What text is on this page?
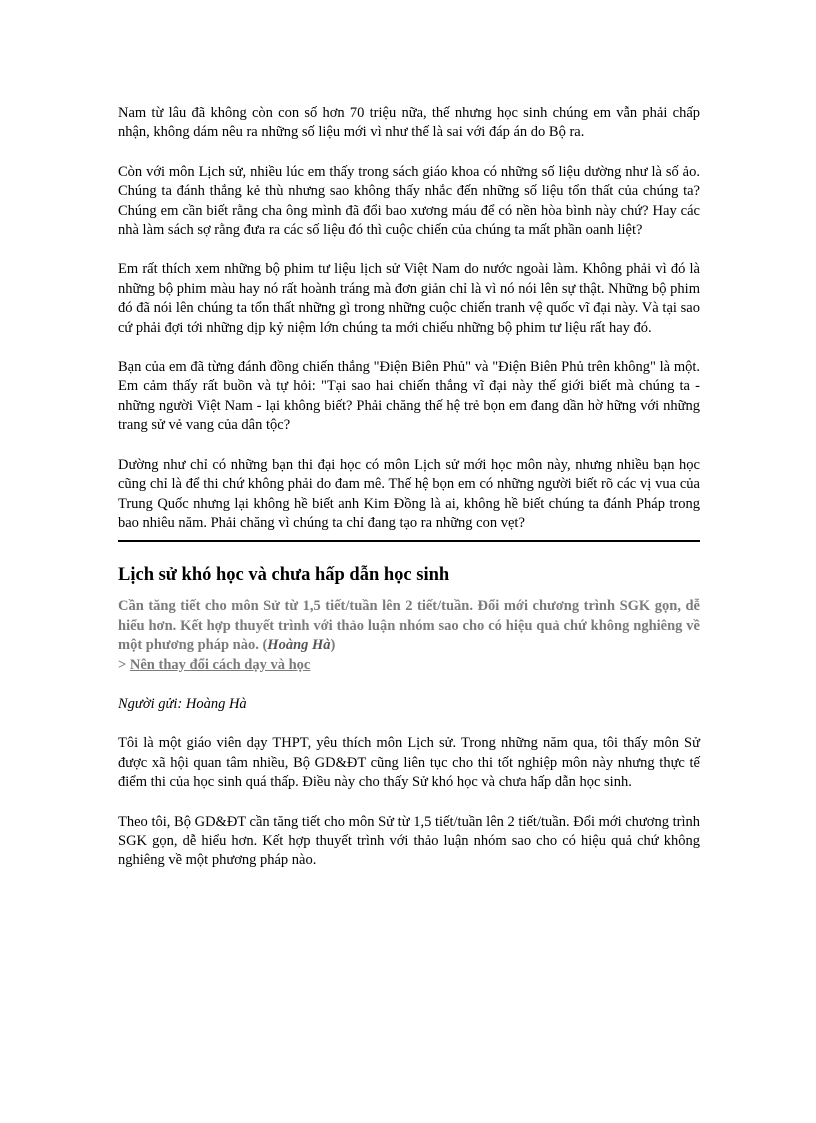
Nam từ lâu đã không còn con số hơn 70 triệu nữa, thế nhưng học sinh chúng em vẫn phải chấp nhận, không dám nêu ra những số liệu mới vì như thế là sai với đáp án do Bộ ra.

Còn với môn Lịch sử, nhiều lúc em thấy trong sách giáo khoa có những số liệu dường như là số ảo. Chúng ta đánh thắng kẻ thù nhưng sao không thấy nhắc đến những số liệu tổn thất của chúng ta? Chúng em cần biết rằng cha ông mình đã đổi bao xương máu để có nền hòa bình này chứ? Hay các nhà làm sách sợ rằng đưa ra các số liệu đó thì cuộc chiến của chúng ta mất phần oanh liệt?

Em rất thích xem những bộ phim tư liệu lịch sử Việt Nam do nước ngoài làm. Không phải vì đó là những bộ phim màu hay nó rất hoành tráng mà đơn giản chỉ là vì nó nói lên sự thật. Những bộ phim đó đã nói lên chúng ta tổn thất những gì trong những cuộc chiến tranh vệ quốc vĩ đại này. Và tại sao cứ phải đợi tới những dịp kỷ niệm lớn chúng ta mới chiếu những bộ phim tư liệu rất hay đó.

Bạn của em đã từng đánh đồng chiến thắng "Điện Biên Phủ" và "Điện Biên Phủ trên không" là một. Em cảm thấy rất buồn và tự hỏi: "Tại sao hai chiến thắng vĩ đại này thế giới biết mà chúng ta - những người Việt Nam - lại không biết? Phải chăng thế hệ trẻ bọn em đang dần hờ hững với những trang sử vẻ vang của dân tộc?

Dường như chỉ có những bạn thi đại học có môn Lịch sử mới học môn này, nhưng nhiều bạn học cũng chỉ là để thi chứ không phải do đam mê. Thế hệ bọn em có những người biết rõ các vị vua của Trung Quốc nhưng lại không hề biết anh Kim Đồng là ai, không hề biết chúng ta đánh Pháp trong bao nhiêu năm. Phải chăng vì chúng ta chỉ đang tạo ra những con vẹt?

Lịch sử khó học và chưa hấp dẫn học sinh

Cần tăng tiết cho môn Sử từ 1,5 tiết/tuần lên 2 tiết/tuần. Đổi mới chương trình SGK gọn, dễ hiểu hơn. Kết hợp thuyết trình với thảo luận nhóm sao cho có hiệu quả chứ không nghiêng về một phương pháp nào. (Hoàng Hà)

> Nên thay đổi cách dạy và học

Người gửi: Hoàng Hà

Tôi là một giáo viên dạy THPT, yêu thích môn Lịch sử. Trong những năm qua, tôi thấy môn Sử được xã hội quan tâm nhiều, Bộ GD&ĐT cũng liên tục cho thi tốt nghiệp môn này nhưng thực tế điểm thi của học sinh quá thấp. Điều này cho thấy Sử khó học và chưa hấp dẫn học sinh.

Theo tôi, Bộ GD&ĐT cần tăng tiết cho môn Sử từ 1,5 tiết/tuần lên 2 tiết/tuần. Đổi mới chương trình SGK gọn, dễ hiểu hơn. Kết hợp thuyết trình với thảo luận nhóm sao cho có hiệu quả chứ không nghiêng về một phương pháp nào.
